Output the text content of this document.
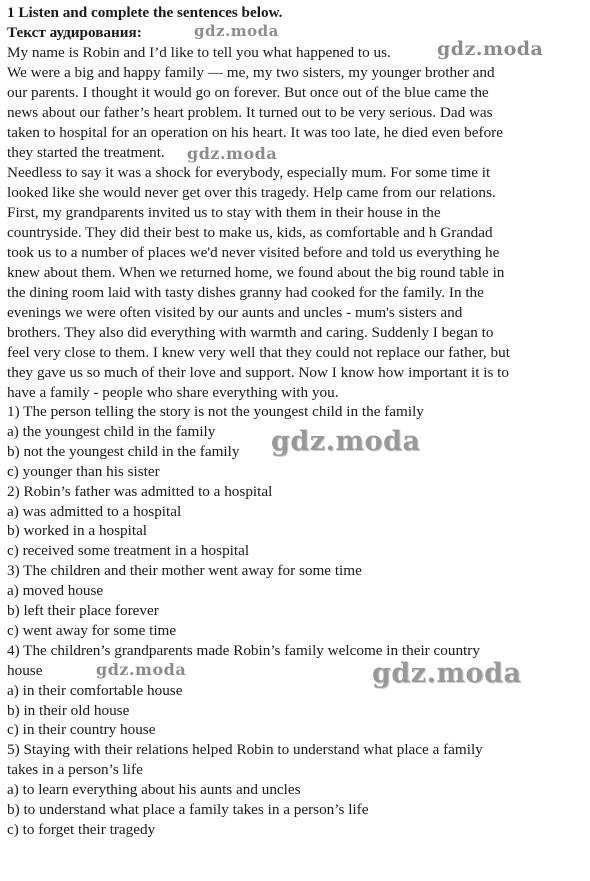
1 Listen and complete the sentences below.
Текст аудирования:
My name is Robin and I’d like to tell you what happened to us.
We were a big and happy family — me, my two sisters, my younger brother and
our parents. I thought it would go on forever. But once out of the blue came the
news about our father’s heart problem. It turned out to be very serious. Dad was
taken to hospital for an operation on his heart. It was too late, he died even before
they started the treatment.
Needless to say it was a shock for everybody, especially mum. For some time it
looked like she would never get over this tragedy. Help came from our relations.
First, my grandparents invited us to stay with them in their house in the
countryside. They did their best to make us, kids, as comfortable and h Grandad
took us to a number of places we'd never visited before and told us everything he
knew about them. When we returned home, we found about the big round table in
the dining room laid with tasty dishes granny had cooked for the family. In the
evenings we were often visited by our aunts and uncles - mum's sisters and
brothers. They also did everything with warmth and caring. Suddenly I began to
feel very close to them. I knew very well that they could not replace our father, but
they gave us so much of their love and support. Now I know how important it is to
have a family - people who share everything with you.
1) The person telling the story is not the youngest child in the family
a) the youngest child in the family
b) not the youngest child in the family
c) younger than his sister
2) Robin’s father was admitted to a hospital
a) was admitted to a hospital
b) worked in a hospital
c) received some treatment in a hospital
3) The children and their mother went away for some time
a) moved house
b) left their place forever
c) went away for some time
4) The children’s grandparents made Robin’s family welcome in their country
house
a) in their comfortable house
b) in their old house
c) in their country house
5) Staying with their relations helped Robin to understand what place a family
takes in a person’s life
a) to learn everything about his aunts and uncles
b) to understand what place a family takes in a person’s life
c) to forget their tragedy
gdz.moda
gdz.moda
gdz.moda
gdz.moda
gdz.moda	gdz.moda
